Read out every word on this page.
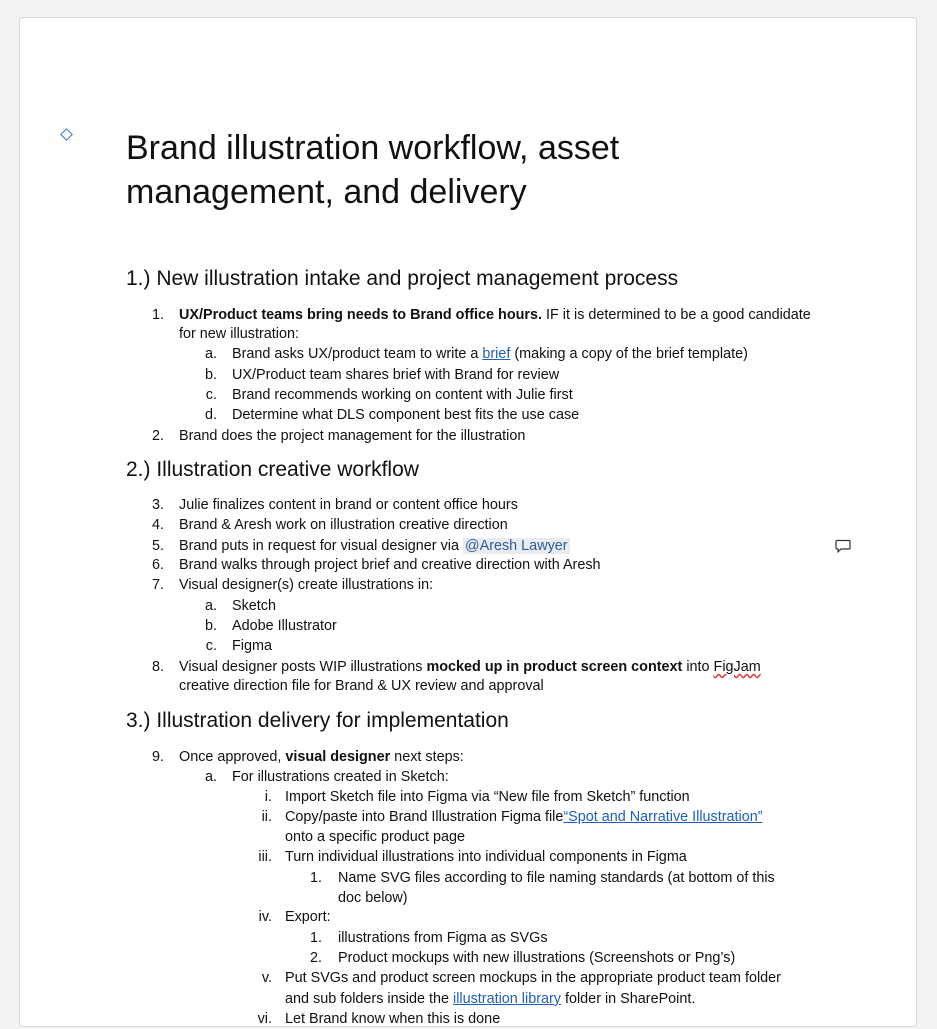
Brand illustration workflow, asset management, and delivery
1.) New illustration intake and project management process
1. UX/Product teams bring needs to Brand office hours. IF it is determined to be a good candidate
for new illustration:
a. Brand asks UX/product team to write a brief (making a copy of the brief template)
b. UX/Product team shares brief with Brand for review
c. Brand recommends working on content with Julie first
d. Determine what DLS component best fits the use case
2. Brand does the project management for the illustration
2.) Illustration creative workflow
3. Julie finalizes content in brand or content office hours
4. Brand & Aresh work on illustration creative direction
5. Brand puts in request for visual designer via @Aresh Lawyer
6. Brand walks through project brief and creative direction with Aresh
7. Visual designer(s) create illustrations in:
a. Sketch
b. Adobe Illustrator
c. Figma
8. Visual designer posts WIP illustrations mocked up in product screen context into FigJam
creative direction file for Brand & UX review and approval
3.) Illustration delivery for implementation
9. Once approved, visual designer next steps:
a. For illustrations created in Sketch:
i. Import Sketch file into Figma via “New file from Sketch” function
ii. Copy/paste into Brand Illustration Figma file“Spot and Narrative Illustration”
onto a specific product page
iii. Turn individual illustrations into individual components in Figma
1. Name SVG files according to file naming standards (at bottom of this
doc below)
iv. Export:
1. illustrations from Figma as SVGs
2. Product mockups with new illustrations (Screenshots or Png’s)
v. Put SVGs and product screen mockups in the appropriate product team folder
and sub folders inside the illustration library folder in SharePoint.
vi. Let Brand know when this is done
